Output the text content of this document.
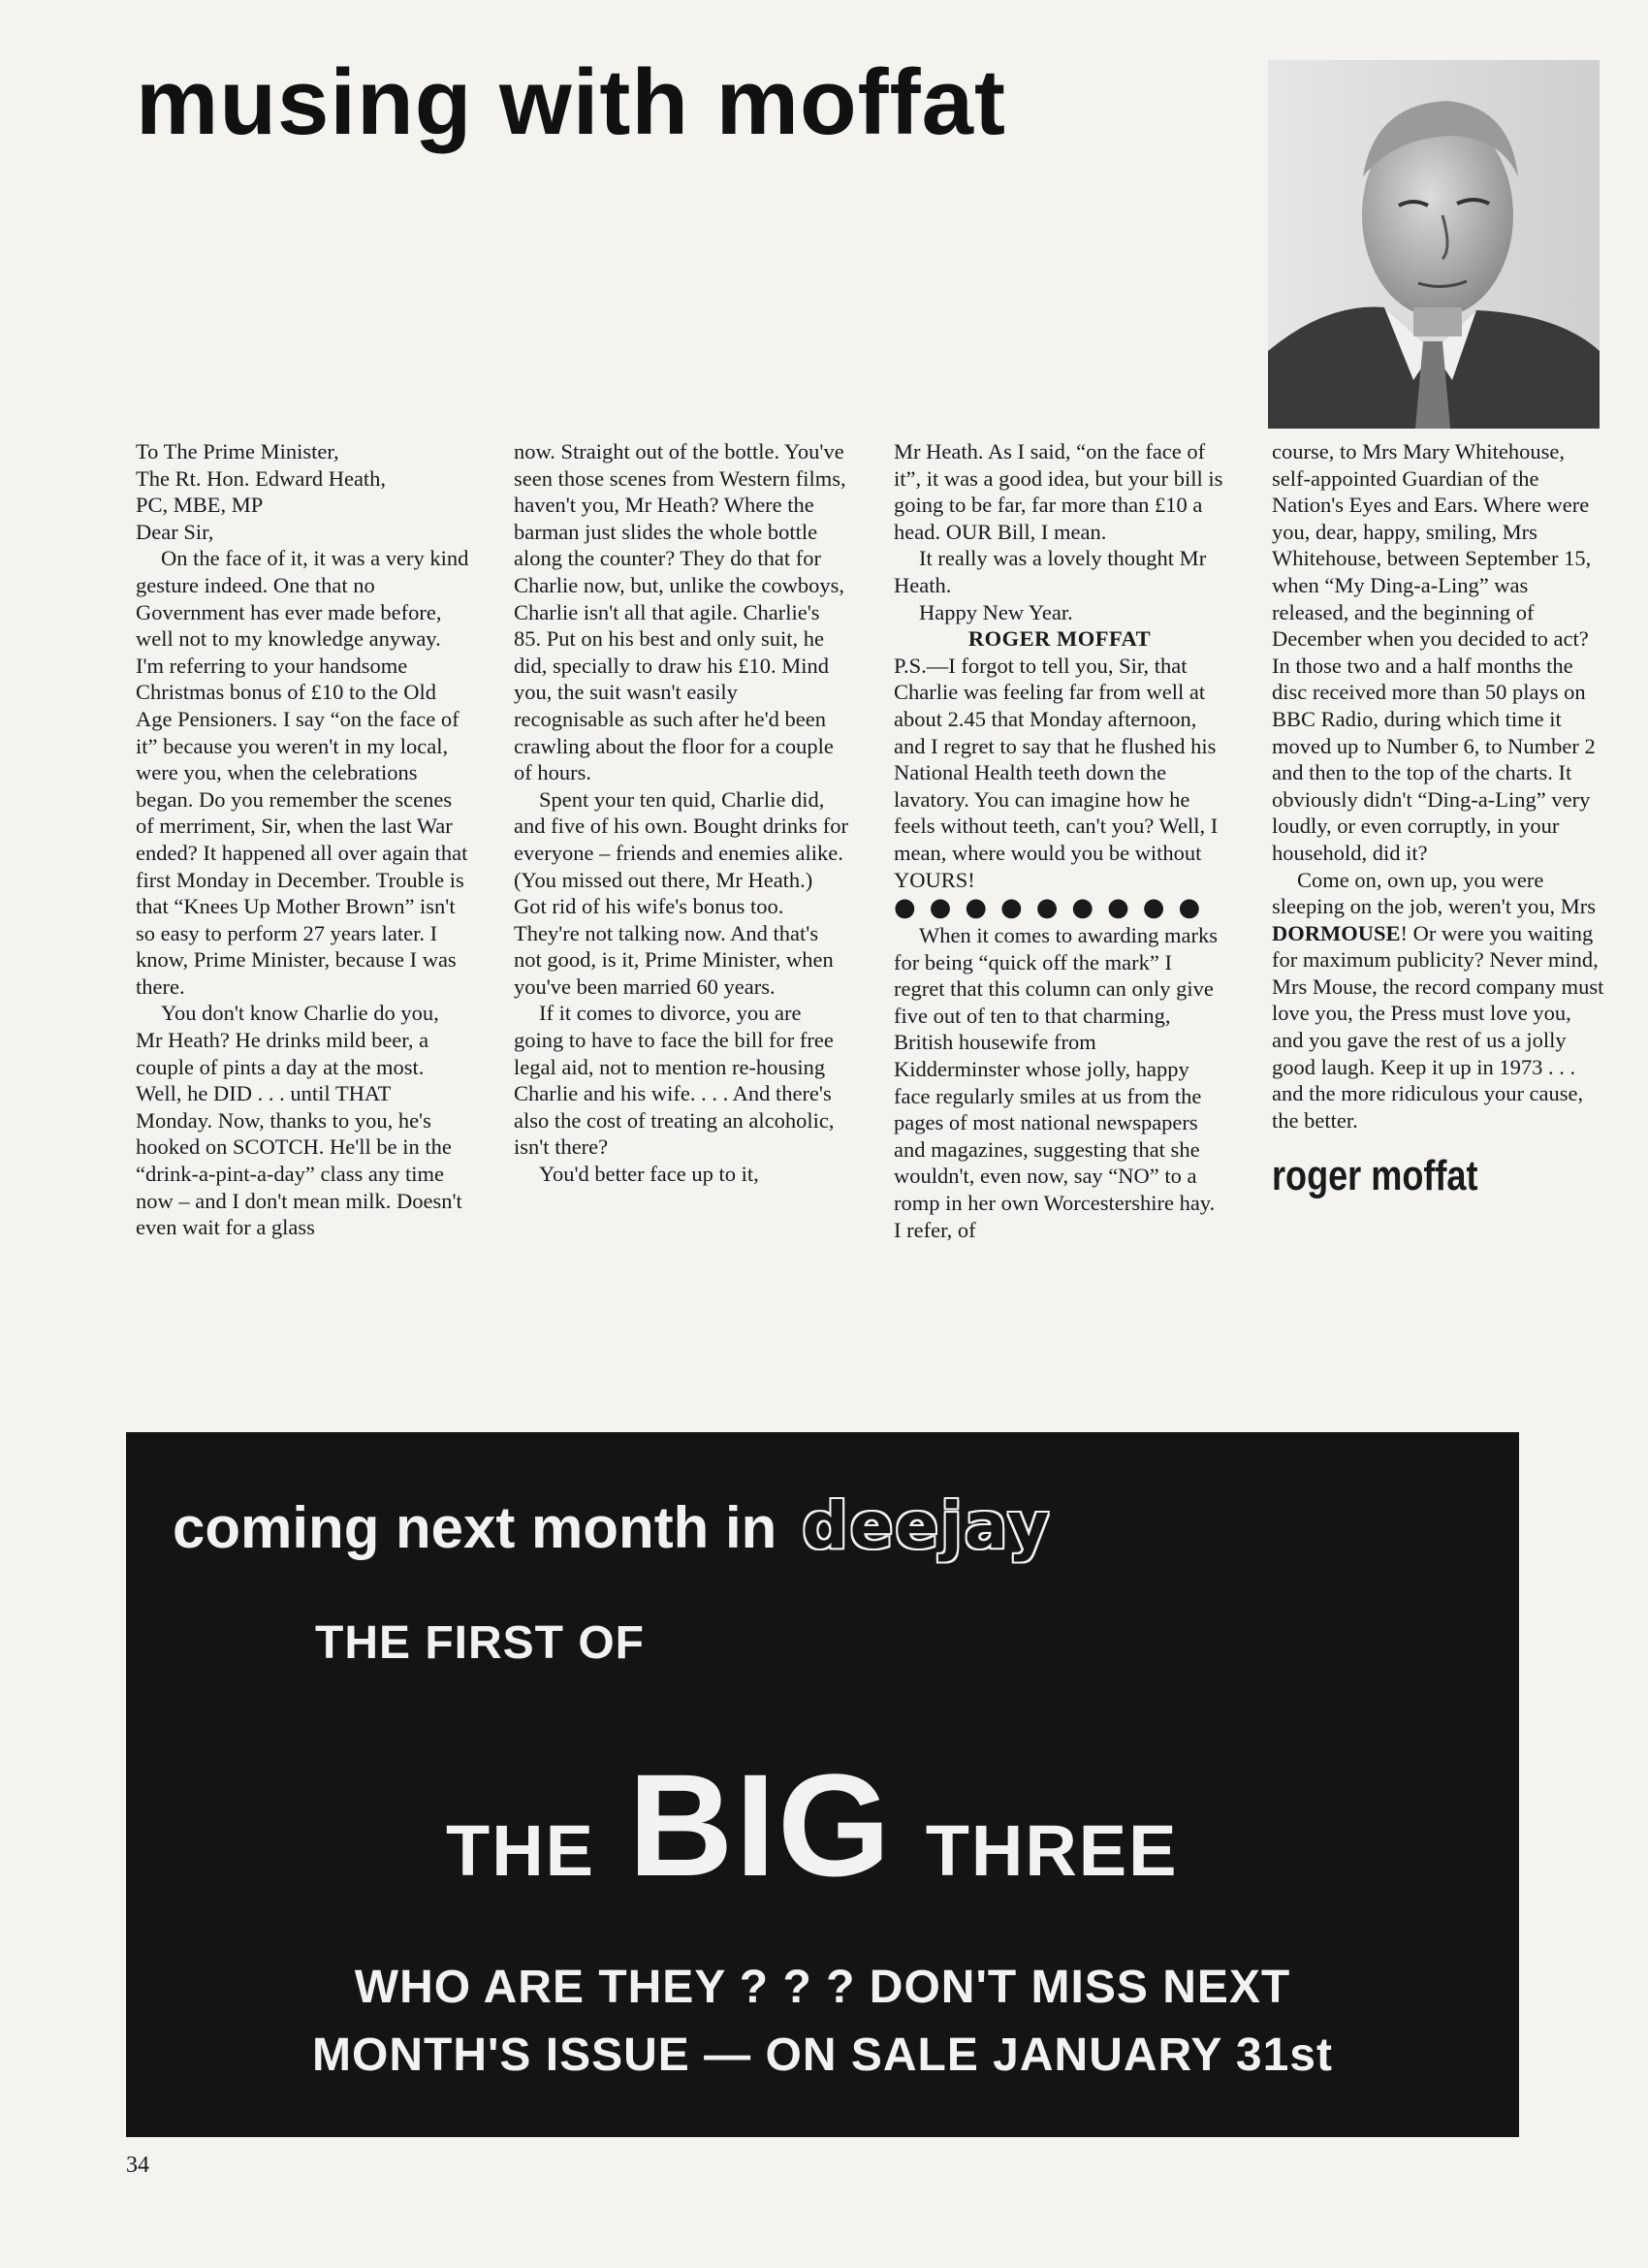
musing with moffat

To The Prime Minister,

The Rt. Hon. Edward Heath,

PC, MBE, MP

Dear Sir,

On the face of it, it was a very kind gesture indeed. One that no Government has ever made before, well not to my knowledge anyway. I'm referring to your handsome Christmas bonus of £10 to the Old Age Pensioners. I say “on the face of it” because you weren't in my local, were you, when the celebrations began. Do you remember the scenes of merriment, Sir, when the last War ended? It happened all over again that first Monday in December. Trouble is that “Knees Up Mother Brown” isn't so easy to perform 27 years later. I know, Prime Minister, because I was there.

You don't know Charlie do you, Mr Heath? He drinks mild beer, a couple of pints a day at the most. Well, he DID . . . until THAT Monday. Now, thanks to you, he's hooked on SCOTCH. He'll be in the “drink-a-pint-a-day” class any time now – and I don't mean milk. Doesn't even wait for a glass

now. Straight out of the bottle. You've seen those scenes from Western films, haven't you, Mr Heath? Where the barman just slides the whole bottle along the counter? They do that for Charlie now, but, unlike the cowboys, Charlie isn't all that agile. Charlie's 85. Put on his best and only suit, he did, specially to draw his £10. Mind you, the suit wasn't easily recognisable as such after he'd been crawling about the floor for a couple of hours.

Spent your ten quid, Charlie did, and five of his own. Bought drinks for everyone – friends and enemies alike. (You missed out there, Mr Heath.) Got rid of his wife's bonus too. They're not talking now. And that's not good, is it, Prime Minister, when you've been married 60 years.

If it comes to divorce, you are going to have to face the bill for free legal aid, not to mention re-housing Charlie and his wife. . . . And there's also the cost of treating an alcoholic, isn't there?

You'd better face up to it,

Mr Heath. As I said, “on the face of it”, it was a good idea, but your bill is going to be far, far more than £10 a head. OUR Bill, I mean.

It really was a lovely thought Mr Heath.

Happy New Year.

ROGER MOFFAT

P.S.—I forgot to tell you, Sir, that Charlie was feeling far from well at about 2.45 that Monday afternoon, and I regret to say that he flushed his National Health teeth down the lavatory. You can imagine how he feels without teeth, can't you? Well, I mean, where would you be without YOURS!

●●●●●●●●●

When it comes to awarding marks for being “quick off the mark” I regret that this column can only give five out of ten to that charming, British housewife from Kidderminster whose jolly, happy face regularly smiles at us from the pages of most national newspapers and magazines, suggesting that she wouldn't, even now, say “NO” to a romp in her own Worcestershire hay. I refer, of

course, to Mrs Mary Whitehouse, self-appointed Guardian of the Nation's Eyes and Ears. Where were you, dear, happy, smiling, Mrs Whitehouse, between September 15, when “My Ding-a-Ling” was released, and the beginning of December when you decided to act? In those two and a half months the disc received more than 50 plays on BBC Radio, during which time it moved up to Number 6, to Number 2 and then to the top of the charts. It obviously didn't “Ding-a-Ling” very loudly, or even corruptly, in your household, did it?

Come on, own up, you were sleeping on the job, weren't you, Mrs DORMOUSE! Or were you waiting for maximum publicity? Never mind, Mrs Mouse, the record company must love you, the Press must love you, and you gave the rest of us a jolly good laugh. Keep it up in 1973 . . . and the more ridiculous your cause, the better.

roger moffat
coming next month in deejay
THE FIRST OF
THE BIG THREE
WHO ARE THEY ? ? ? DON'T MISS NEXT
MONTH'S ISSUE — ON SALE JANUARY 31st
34
